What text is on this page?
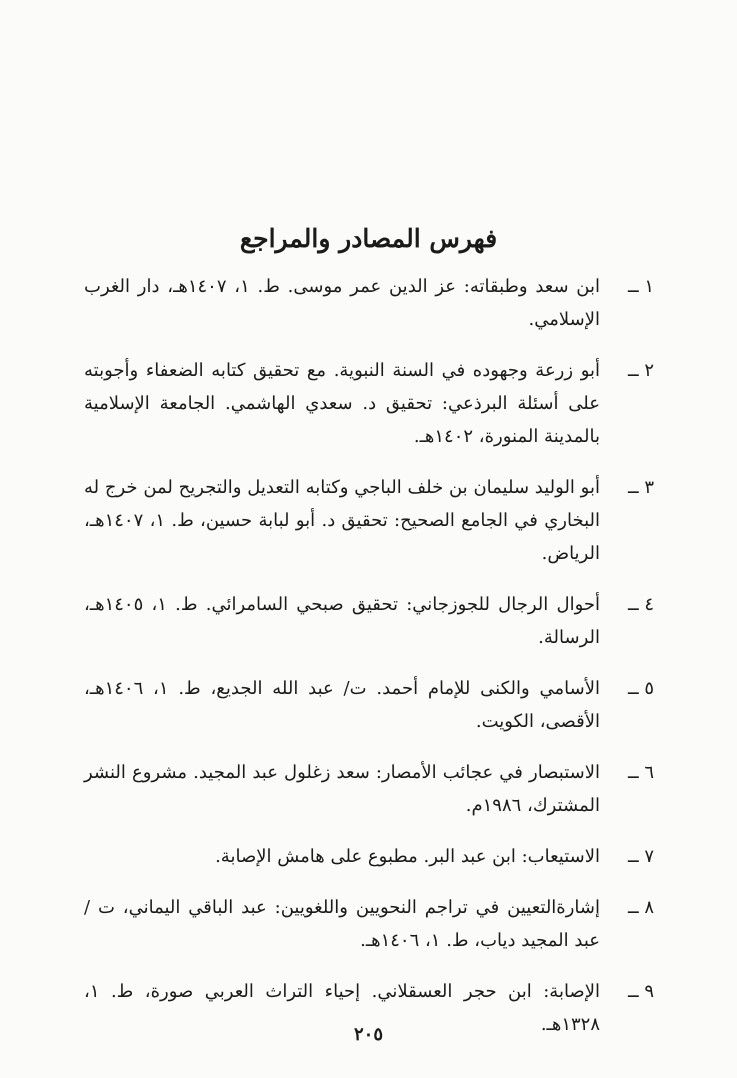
فهرس المصادر والمراجع
١ ــ
ابن سعد وطبقاته: عز الدين عمر موسى. ط. ١، ١٤٠٧هـ، دار الغرب الإسلامي.
٢ ــ
أبو زرعة وجهوده في السنة النبوية. مع تحقيق كتابه الضعفاء وأجوبته على أسئلة البرذعي: تحقيق د. سعدي الهاشمي. الجامعة الإسلامية بالمدينة المنورة، ١٤٠٢هـ.
٣ ــ
أبو الوليد سليمان بن خلف الباجي وكتابه التعديل والتجريح لمن خرج له البخاري في الجامع الصحيح: تحقيق د. أبو لبابة حسين، ط. ١، ١٤٠٧هـ، الرياض.
٤ ــ
أحوال الرجال للجوزجاني: تحقيق صبحي السامرائي. ط. ١، ١٤٠٥هـ، الرسالة.
٥ ــ
الأسامي والكنى للإمام أحمد. ت/ عبد الله الجديع، ط. ١، ١٤٠٦هـ، الأقصى، الكويت.
٦ ــ
الاستبصار في عجائب الأمصار: سعد زغلول عبد المجيد. مشروع النشر المشترك، ١٩٨٦م.
٧ ــ
الاستيعاب: ابن عبد البر. مطبوع على هامش الإصابة.
٨ ــ
إشارةالتعيين في تراجم النحويين واللغويين: عبد الباقي اليماني، ت / عبد المجيد دياب، ط. ١، ١٤٠٦هـ.
٩ ــ
الإصابة: ابن حجر العسقلاني. إحياء التراث العربي صورة، ط. ١، ١٣٢٨هـ.
٢٠٥
